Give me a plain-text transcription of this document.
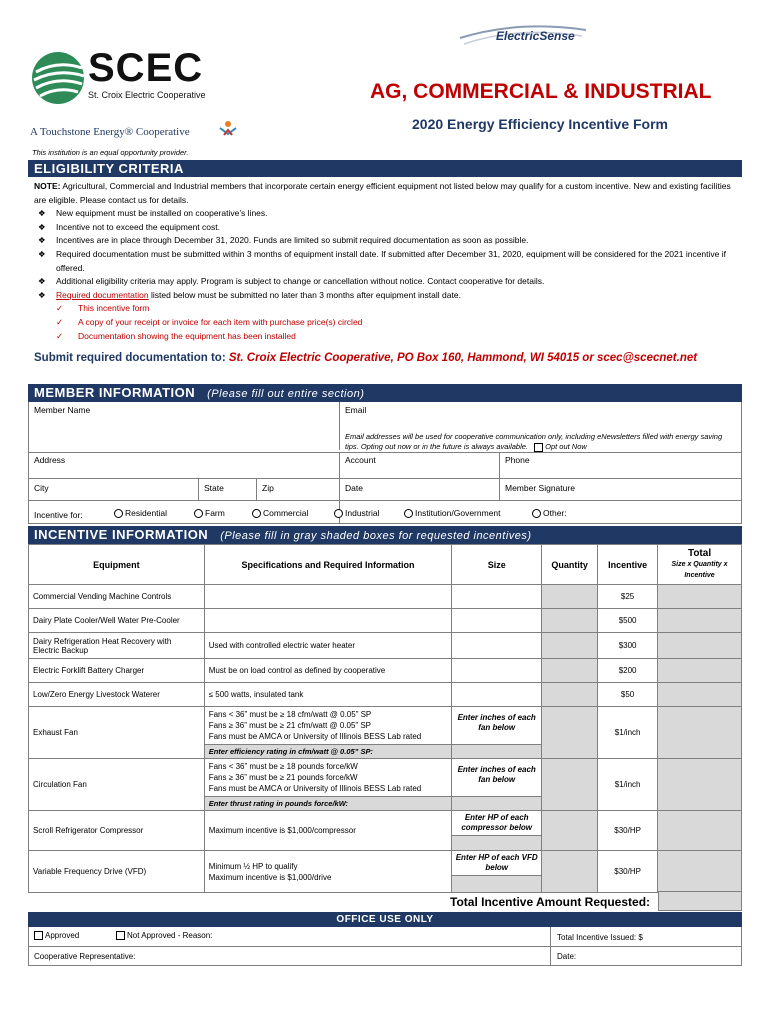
ElectricSense
SCEC
St. Croix Electric Cooperative
A Touchstone Energy® Cooperative
AG, COMMERCIAL & INDUSTRIAL
2020 Energy Efficiency Incentive Form
This institution is an equal opportunity provider.
ELIGIBILITY CRITERIA

NOTE: Agricultural, Commercial and Industrial members that incorporate certain energy efficient equipment not listed below may qualify for a custom incentive. New and existing facilities are eligible. Please contact us for details.

❖ New equipment must be installed on cooperative’s lines.
❖ Incentive not to exceed the equipment cost.
❖ Incentives are in place through December 31, 2020. Funds are limited so submit required documentation as soon as possible.
❖ Required documentation must be submitted within 3 months of equipment install date. If submitted after December 31, 2020, equipment will be considered for the 2021 incentive if offered.
❖ Additional eligibility criteria may apply. Program is subject to change or cancellation without notice. Contact cooperative for details.
❖ Required documentation listed below must be submitted no later than 3 months after equipment install date.
✓ This incentive form
✓ A copy of your receipt or invoice for each item with purchase price(s) circled
✓ Documentation showing the equipment has been installed
Submit required documentation to: St. Croix Electric Cooperative, PO Box 160, Hammond, WI 54015 or scec@scecnet.net
MEMBER INFORMATION (Please fill out entire section)
Member Name	Email
Email addresses will be used for cooperative communication only, including eNewsletters filled with energy saving tips. Opting out now or in the future is always available. Opt out Now
Address	Account	Phone
City	State	Zip	Date	Member Signature
Incentive for:	Residential	Farm	Commercial	Industrial	Institution/Government	Other:
INCENTIVE INFORMATION (Please fill in gray shaded boxes for requested incentives)
Equipment	Specifications and Required Information	Size	Quantity	Incentive	Total
Size x Quantity x Incentive

Commercial Vending Machine Controls				$25	
Dairy Plate Cooler/Well Water Pre-Cooler				$500	
Dairy Refrigeration Heat Recovery with Electric Backup	Used with controlled electric water heater			$300	
Electric Forklift Battery Charger	Must be on load control as defined by cooperative			$200	
Low/Zero Energy Livestock Waterer	≤ 500 watts, insulated tank			$50	
Exhaust Fan	Fans < 36” must be ≥ 18 cfm/watt @ 0.05” SP
Fans ≥ 36” must be ≥ 21 cfm/watt @ 0.05” SP
Fans must be AMCA or University of Illinois BESS Lab rated	Enter inches of each fan below		$1/inch	
	Enter efficiency rating in cfm/watt @ 0.05” SP:				
Circulation Fan	Fans < 36” must be ≥ 18 pounds force/kW
Fans ≥ 36” must be ≥ 21 pounds force/kW
Fans must be AMCA or University of Illinois BESS Lab rated	Enter inches of each fan below		$1/inch	
	Enter thrust rating in pounds force/kW:				
Scroll Refrigerator Compressor	Maximum incentive is $1,000/compressor	Enter HP of each compressor below		$30/HP	
Variable Frequency Drive (VFD)	Minimum ½ HP to qualify
Maximum incentive is $1,000/drive	Enter HP of each VFD below		$30/HP	
Total Incentive Amount Requested:
OFFICE USE ONLY
Approved	Not Approved - Reason:	Total Incentive Issued: $
Cooperative Representative:	Date:
